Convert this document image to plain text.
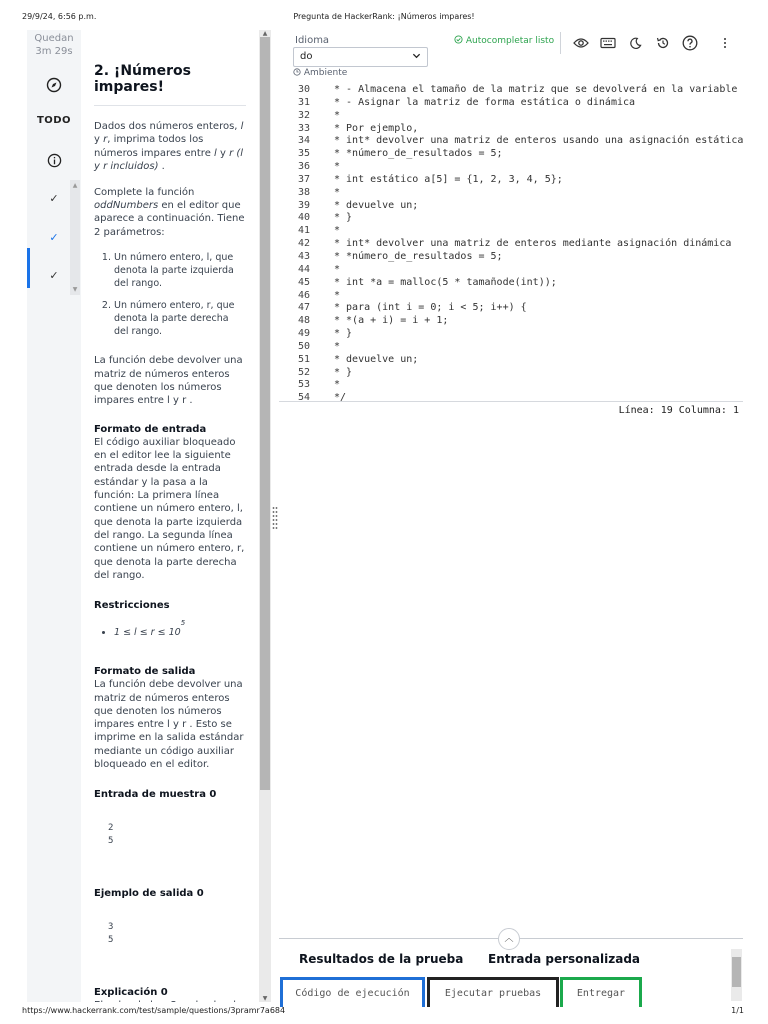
29/9/24, 6:56 p.m.	Pregunta de HackerRank: ¡Números impares!
Quedan
3m 29s
TODO
✓
✓
✓
▲
▼
2. ¡Números impares!

Dados dos números enteros, l y r, imprima todos los números impares entre l y r (l y r incluidos) .

Complete la función oddNumbers en el editor que aparece a continuación. Tiene 2 parámetros:

1. Un número entero, l, que denota la parte izquierda del rango.
2. Un número entero, r, que denota la parte derecha del rango.

La función debe devolver una matriz de números enteros que denoten los números impares entre l y r .

Formato de entrada
El código auxiliar bloqueado en el editor lee la siguiente entrada desde la entrada estándar y la pasa a la función: La primera línea contiene un número entero, l, que denota la parte izquierda del rango. La segunda línea contiene un número entero, r, que denota la parte derecha del rango.
Restricciones
• $1 \le l \le r \le 10^5$
Formato de salida
La función debe devolver una matriz de números enteros que denoten los números impares entre l y r . Esto se imprime en la salida estándar mediante un código auxiliar bloqueado en el editor.
Entrada de muestra 0
2
5
Ejemplo de salida 0
3
5
Explicación 0
▲
▼
Idioma
do
Ambiente
Autocompletar listo
30 * - Almacena el tamaño de la matriz que se devolverá en la variable
31 * - Asignar la matriz de forma estática o dinámica
32 *
33 * Por ejemplo,
34 * int* devolver una matriz de enteros usando una asignación estática
35 * *número_de_resultados = 5;
36 *
37 * int estático a[5] = {1, 2, 3, 4, 5};
38 *
39 * devuelve un;
40 * }
41 *
42 * int* devolver una matriz de enteros mediante asignación dinámica
43 * *número_de_resultados = 5;
44 *
45 * int *a = malloc(5 * tamañode(int));
46 *
47 * para (int i = 0; i < 5; i++) {
48 * *(a + i) = i + 1;
49 * }
50 *
51 * devuelve un;
52 * }
53 *
54 */
Línea: 19 Columna: 1
︿
Resultados de la prueba Entrada personalizada
Código de ejecución	Ejecutar pruebas	Entregar
https://www.hackerrank.com/test/sample/questions/3pramr7a684	1/1
